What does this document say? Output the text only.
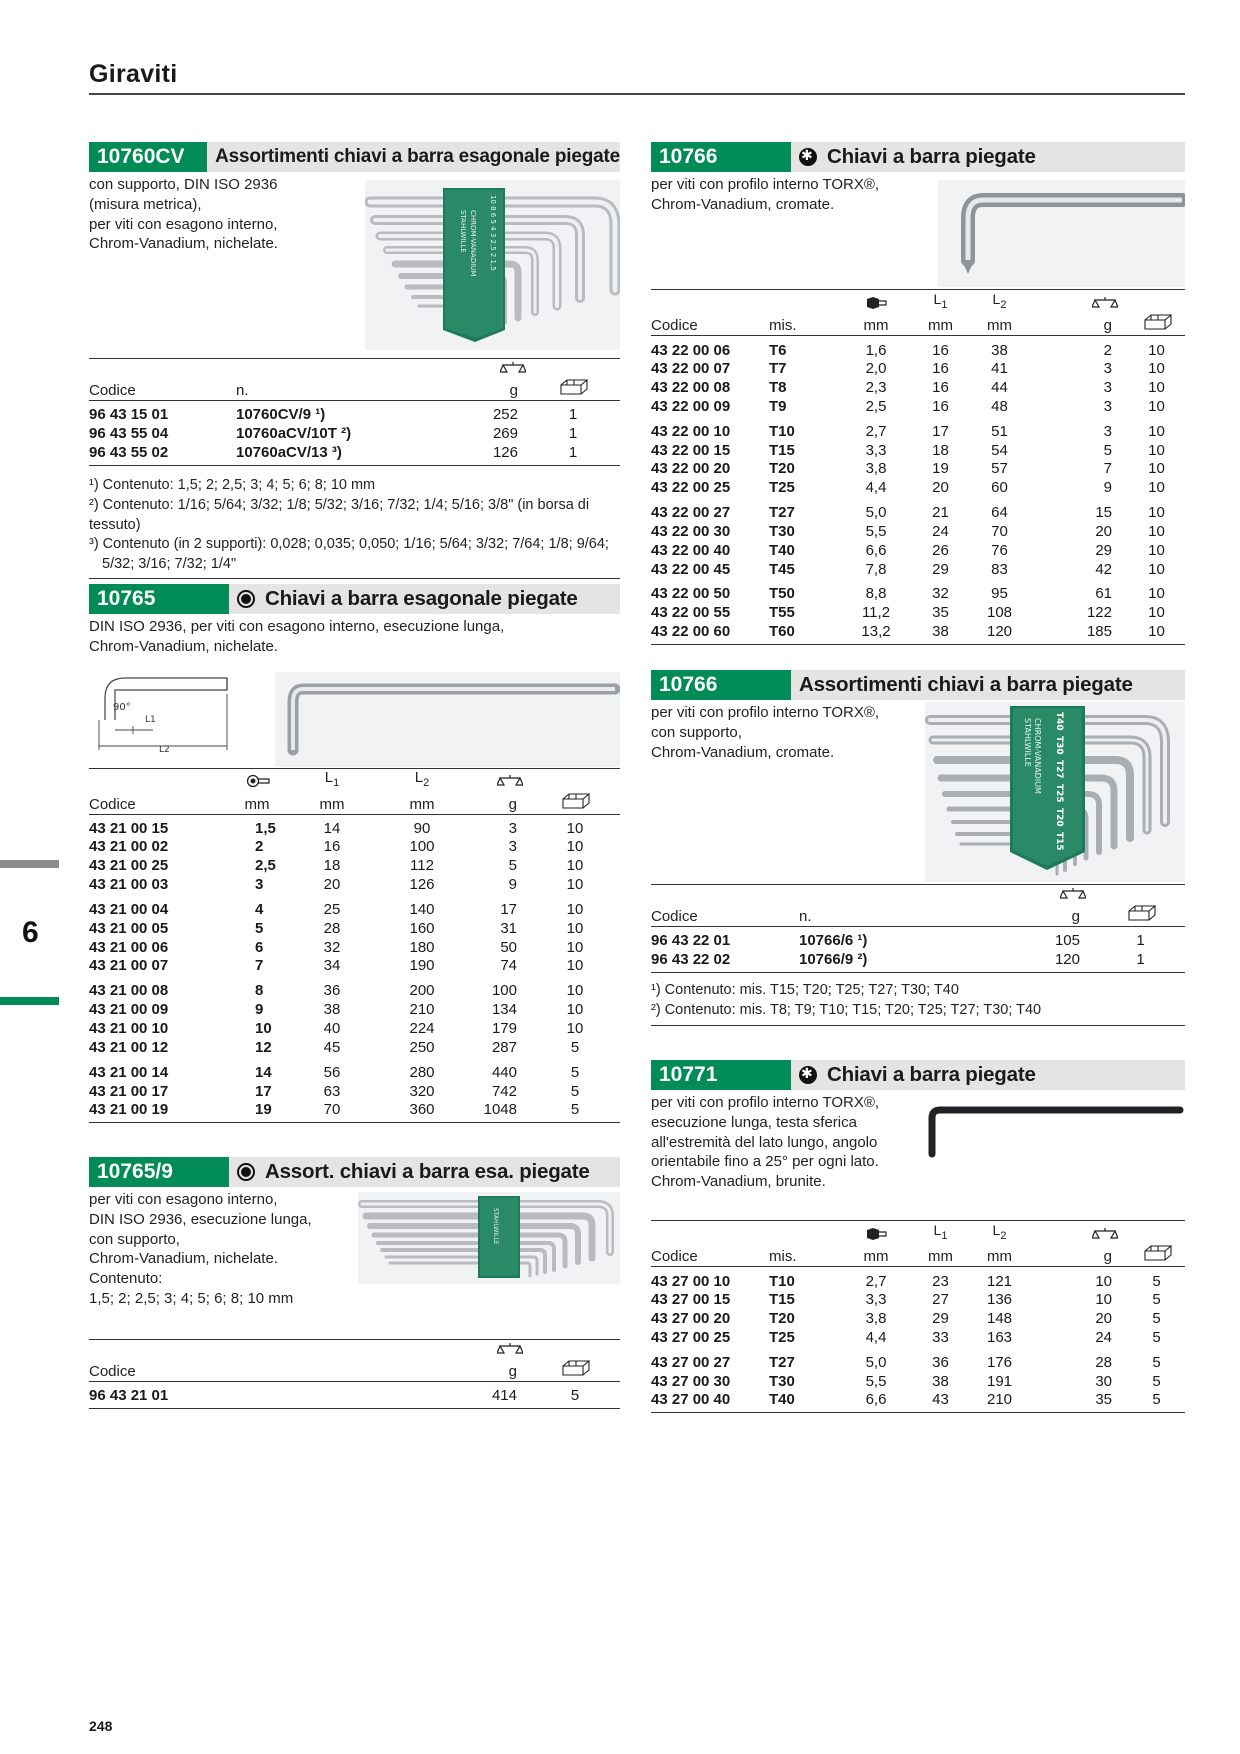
Giraviti
6
10760CV	Assortimenti chiavi a barra esagonale piegate

con supporto, DIN ISO 2936

(misura metrica),

per viti con esagono interno,

Chrom-Vanadium, nichelate.	STAHLWILLE CHROM-VANADIUM 10 8 6 5 4 3 2,5 2 1,5

Codice	n.	g	
96 43 15 01	10760CV/9 ¹)	252	1
96 43 55 04	10760aCV/10T ²)	269	1
96 43 55 02	10760aCV/13 ³)	126	1
¹) Contenuto: 1,5; 2; 2,5; 3; 4; 5; 6; 8; 10 mm
²) Contenuto: 1/16; 5/64; 3/32; 1/8; 5/32; 3/16; 7/32; 1/4; 5/16; 3/8" (in borsa di tessuto)
³) Contenuto (in 2 supporti): 0,028; 0,035; 0,050; 1/16; 5/64; 3/32; 7/64; 1/8; 9/64;
5/32; 3/16; 7/32; 1/4"
10765	Chiavi a barra esagonale piegate

DIN ISO 2936, per viti con esagono interno, esecuzione lunga,

Chrom-Vanadium, nichelate.

90°
L1
L2
		$L_1$	$L_2$		
Codice	mm	mm	mm	g	
43 21 00 15	1,5	14	90	3	10
43 21 00 02	2	16	100	3	10
43 21 00 25	2,5	18	112	5	10
43 21 00 03	3	20	126	9	10
43 21 00 04	4	25	140	17	10
43 21 00 05	5	28	160	31	10
43 21 00 06	6	32	180	50	10
43 21 00 07	7	34	190	74	10
43 21 00 08	8	36	200	100	10
43 21 00 09	9	38	210	134	10
43 21 00 10	10	40	224	179	10
43 21 00 12	12	45	250	287	5
43 21 00 14	14	56	280	440	5
43 21 00 17	17	63	320	742	5
43 21 00 19	19	70	360	1048	5
10765/9	Assort. chiavi a barra esa. piegate

per viti con esagono interno,

DIN ISO 2936, esecuzione lunga,

con supporto,

Chrom-Vanadium, nichelate.

Contenuto:

1,5; 2; 2,5; 3; 4; 5; 6; 8; 10 mm

STAHLWILLE

Codice	g	
96 43 21 01	414	5
10766 ✱	Chiavi a barra piegate

per viti con profilo interno TORX®,

Chrom-Vanadium, cromate.

			$L_1$	$L_2$		
Codice	mis.	mm	mm	mm	g	
43 22 00 06	T6	1,6	16	38	2	10
43 22 00 07	T7	2,0	16	41	3	10
43 22 00 08	T8	2,3	16	44	3	10
43 22 00 09	T9	2,5	16	48	3	10
43 22 00 10	T10	2,7	17	51	3	10
43 22 00 15	T15	3,3	18	54	5	10
43 22 00 20	T20	3,8	19	57	7	10
43 22 00 25	T25	4,4	20	60	9	10
43 22 00 27	T27	5,0	21	64	15	10
43 22 00 30	T30	5,5	24	70	20	10
43 22 00 40	T40	6,6	26	76	29	10
43 22 00 45	T45	7,8	29	83	42	10
43 22 00 50	T50	8,8	32	95	61	10
43 22 00 55	T55	11,2	35	108	122	10
43 22 00 60	T60	13,2	38	120	185	10
10766	Assortimenti chiavi a barra piegate

per viti con profilo interno TORX®,

con supporto,

Chrom-Vanadium, cromate.	STAHLWILLE CHROM-VANADIUM T40
T30
T27
T25
T20
T15

Codice	n.	g	
96 43 22 01	10766/6 ¹)	105	1
96 43 22 02	10766/9 ²)	120	1
¹) Contenuto: mis. T15; T20; T25; T27; T30; T40
²) Contenuto: mis. T8; T9; T10; T15; T20; T25; T27; T30; T40
10771 ✱	Chiavi a barra piegate

per viti con profilo interno TORX®,

esecuzione lunga, testa sferica

all'estremità del lato lungo, angolo

orientabile fino a 25° per ogni lato.

Chrom-Vanadium, brunite.

			$L_1$	$L_2$		
Codice	mis.	mm	mm	mm	g	
43 27 00 10	T10	2,7	23	121	10	5
43 27 00 15	T15	3,3	27	136	10	5
43 27 00 20	T20	3,8	29	148	20	5
43 27 00 25	T25	4,4	33	163	24	5
43 27 00 27	T27	5,0	36	176	28	5
43 27 00 30	T30	5,5	38	191	30	5
43 27 00 40	T40	6,6	43	210	35	5
248
